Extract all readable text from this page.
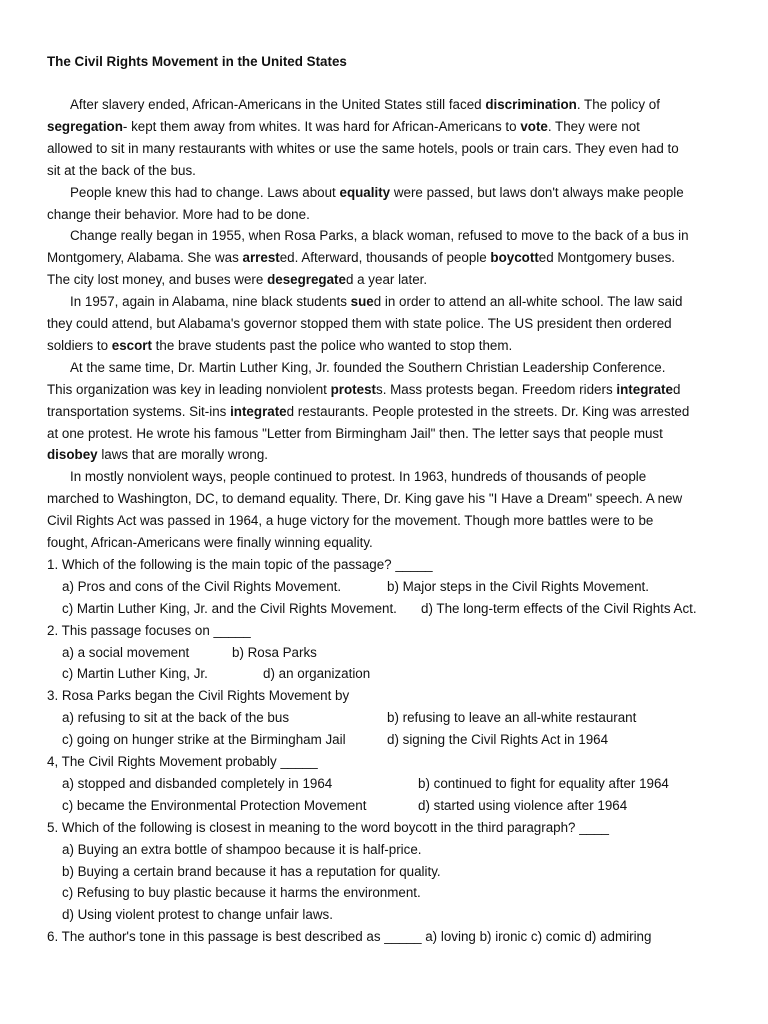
The Civil Rights Movement in the United States
After slavery ended, African-Americans in the United States still faced discrimination. The policy of
segregation- kept them away from whites. It was hard for African-Americans to vote. They were not
allowed to sit in many restaurants with whites or use the same hotels, pools or train cars. They even had to
sit at the back of the bus.
People knew this had to change. Laws about equality were passed, but laws don't always make people
change their behavior. More had to be done.
Change really began in 1955, when Rosa Parks, a black woman, refused to move to the back of a bus in
Montgomery, Alabama. She was arrested. Afterward, thousands of people boycotted Montgomery buses.
The city lost money, and buses were desegregated a year later.
In 1957, again in Alabama, nine black students sued in order to attend an all-white school. The law said
they could attend, but Alabama's governor stopped them with state police. The US president then ordered
soldiers to escort the brave students past the police who wanted to stop them.
At the same time, Dr. Martin Luther King, Jr. founded the Southern Christian Leadership Conference.
This organization was key in leading nonviolent protests. Mass protests began. Freedom riders integrated
transportation systems. Sit-ins integrated restaurants. People protested in the streets. Dr. King was arrested
at one protest. He wrote his famous "Letter from Birmingham Jail" then. The letter says that people must
disobey laws that are morally wrong.
In mostly nonviolent ways, people continued to protest. In 1963, hundreds of thousands of people
marched to Washington, DC, to demand equality. There, Dr. King gave his "I Have a Dream" speech. A new
Civil Rights Act was passed in 1964, a huge victory for the movement. Though more battles were to be
fought, African-Americans were finally winning equality.
1. Which of the following is the main topic of the passage? _____
a) Pros and cons of the Civil Rights Movement.	b) Major steps in the Civil Rights Movement.
c) Martin Luther King, Jr. and the Civil Rights Movement. d) The long-term effects of the Civil Rights Act.
2. This passage focuses on _____
a) a social movement	b) Rosa Parks
c) Martin Luther King, Jr.	d) an organization
3. Rosa Parks began the Civil Rights Movement by
a) refusing to sit at the back of the bus	b) refusing to leave an all-white restaurant
c) going on hunger strike at the Birmingham Jail	d) signing the Civil Rights Act in 1964
4, The Civil Rights Movement probably _____
a) stopped and disbanded completely in 1964	b) continued to fight for equality after 1964
c) became the Environmental Protection Movement	d) started using violence after 1964
5. Which of the following is closest in meaning to the word boycott in the third paragraph? ____
a) Buying an extra bottle of shampoo because it is half-price.
b) Buying a certain brand because it has a reputation for quality.
c) Refusing to buy plastic because it harms the environment.
d) Using violent protest to change unfair laws.
6. The author's tone in this passage is best described as _____ a) loving b) ironic c) comic d) admiring
